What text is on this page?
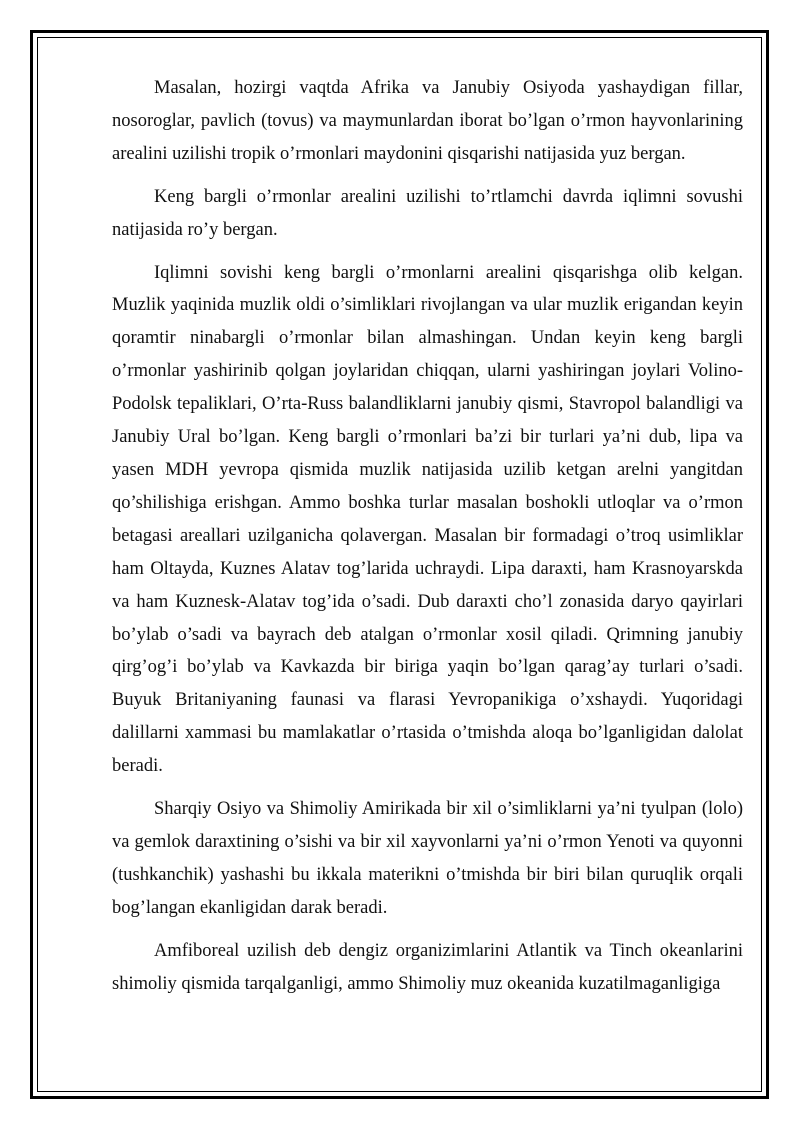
Masalan, hozirgi vaqtda Afrika va Janubiy Osiyoda yashaydigan fillar, nosoroglar, pavlich (tovus) va maymunlardan iborat bo’lgan o’rmon hayvonlarining arealini uzilishi tropik o’rmonlari maydonini qisqarishi natijasida yuz bergan.

Keng bargli o’rmonlar arealini uzilishi to’rtlamchi davrda iqlimni sovushi natijasida ro’y bergan.

Iqlimni sovishi keng bargli o’rmonlarni arealini qisqarishga olib kelgan. Muzlik yaqinida muzlik oldi o’simliklari rivojlangan va ular muzlik erigandan keyin qoramtir ninabargli o’rmonlar bilan almashingan. Undan keyin keng bargli o’rmonlar yashirinib qolgan joylaridan chiqqan, ularni yashiringan joylari Volino-Podolsk tepaliklari, O’rta-Russ balandliklarni janubiy qismi, Stavropol balandligi va Janubiy Ural bo’lgan. Keng bargli o’rmonlari ba’zi bir turlari ya’ni dub, lipa va yasen MDH yevropa qismida muzlik natijasida uzilib ketgan arelni yangitdan qo’shilishiga erishgan. Ammo boshka turlar masalan boshokli utloqlar va o’rmon betagasi areallari uzilganicha qolavergan. Masalan bir formadagi o’troq usimliklar ham Oltayda, Kuznes Alatav tog’larida uchraydi. Lipa daraxti, ham Krasnoyarskda va ham Kuznesk-Alatav tog’ida o’sadi. Dub daraxti cho’l zonasida daryo qayirlari bo’ylab o’sadi va bayrach deb atalgan o’rmonlar xosil qiladi. Qrimning janubiy qirg’og’i bo’ylab va Kavkazda bir biriga yaqin bo’lgan qarag’ay turlari o’sadi. Buyuk Britaniyaning faunasi va flarasi Yevropanikiga o’xshaydi. Yuqoridagi dalillarni xammasi bu mamlakatlar o’rtasida o’tmishda aloqa bo’lganligidan dalolat beradi.

Sharqiy Osiyo va Shimoliy Amirikada bir xil o’simliklarni ya’ni tyulpan (lolo) va gemlok daraxtining o’sishi va bir xil xayvonlarni ya’ni o’rmon Yenoti va quyonni (tushkanchik) yashashi bu ikkala materikni o’tmishda bir biri bilan quruqlik orqali bog’langan ekanligidan darak beradi.

Amfiboreal uzilish deb dengiz organizimlarini Atlantik va Tinch okeanlarini shimoliy qismida tarqalganligi, ammo Shimoliy muz okeanida kuzatilmaganligiga
